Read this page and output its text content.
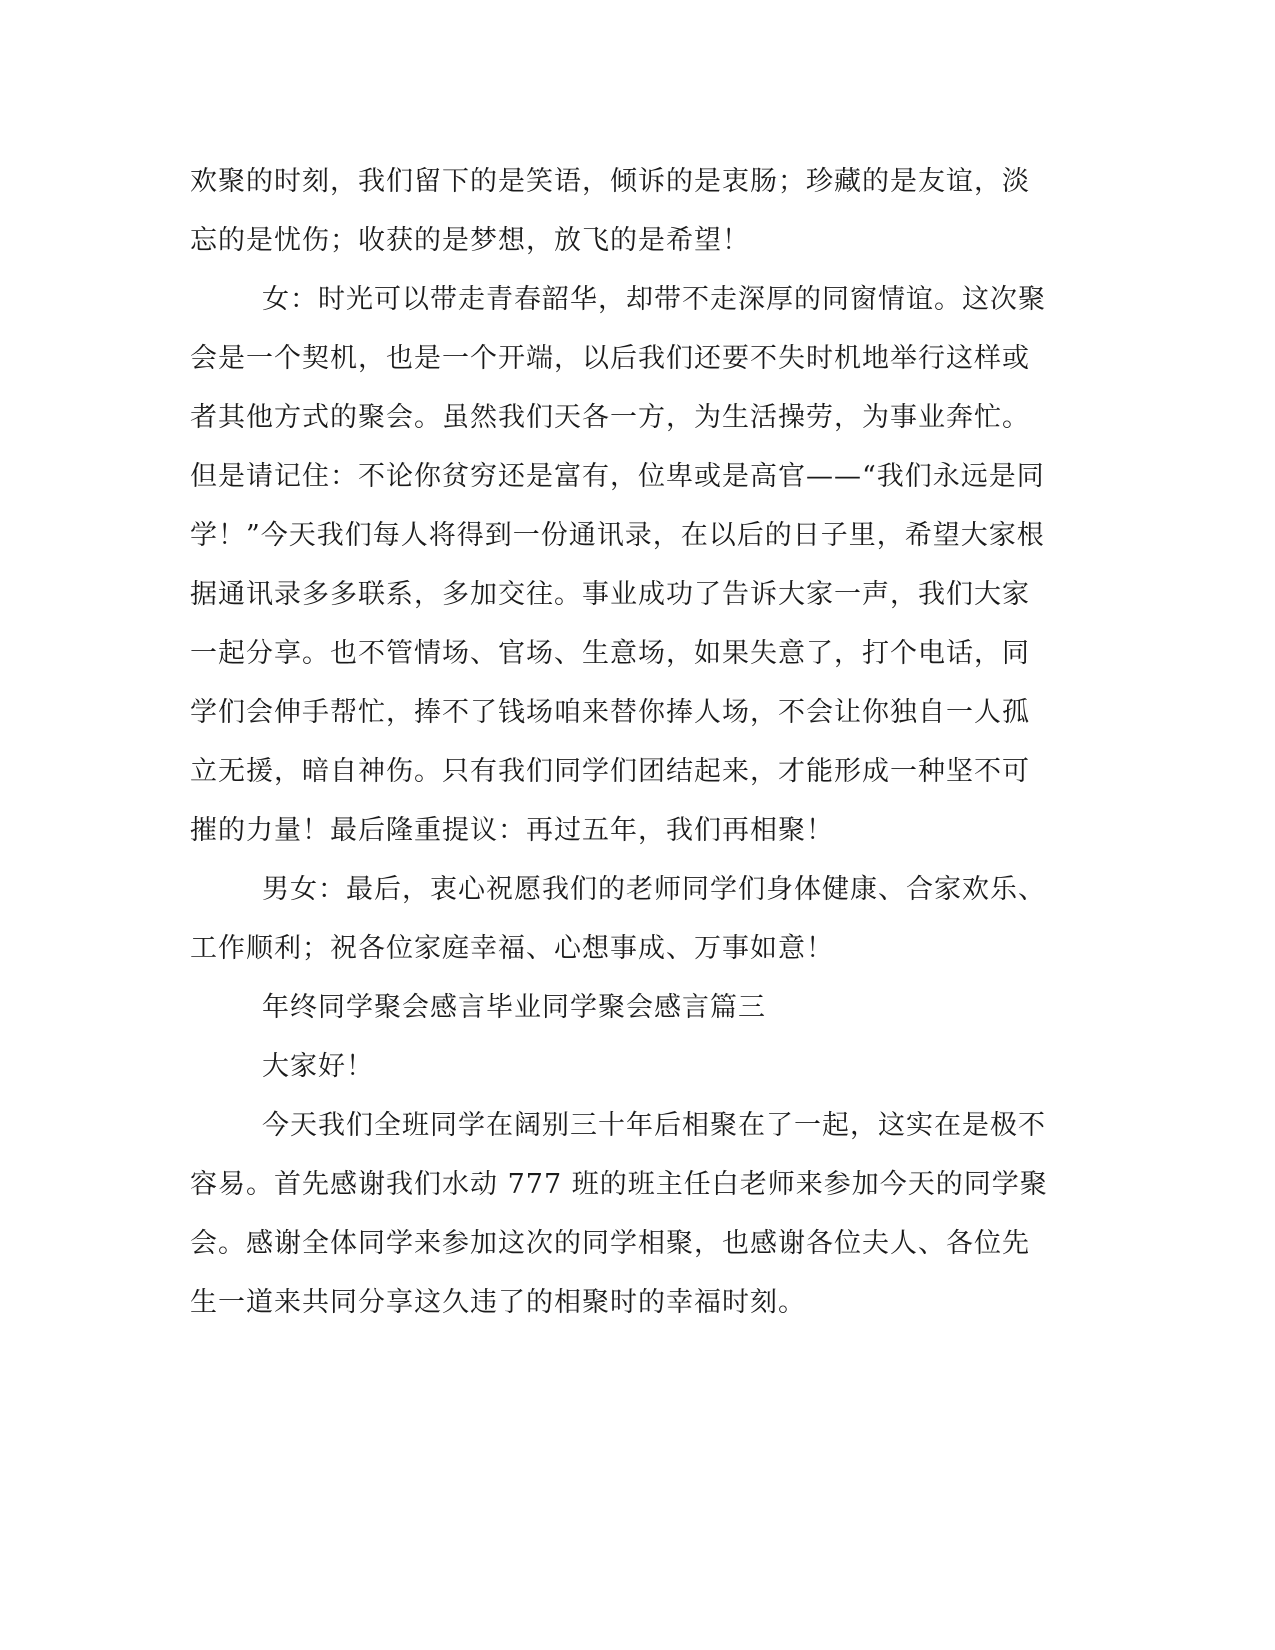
欢聚的时刻，我们留下的是笑语，倾诉的是衷肠；珍藏的是友谊，淡
忘的是忧伤；收获的是梦想，放飞的是希望！
女：时光可以带走青春韶华，却带不走深厚的同窗情谊。这次聚
会是一个契机，也是一个开端，以后我们还要不失时机地举行这样或
者其他方式的聚会。虽然我们天各一方，为生活操劳，为事业奔忙。
但是请记住：不论你贫穷还是富有，位卑或是高官——“我们永远是同
学！”今天我们每人将得到一份通讯录，在以后的日子里，希望大家根
据通讯录多多联系，多加交往。事业成功了告诉大家一声，我们大家
一起分享。也不管情场、官场、生意场，如果失意了，打个电话，同
学们会伸手帮忙，捧不了钱场咱来替你捧人场，不会让你独自一人孤
立无援，暗自神伤。只有我们同学们团结起来，才能形成一种坚不可
摧的力量！最后隆重提议：再过五年，我们再相聚！
男女：最后，衷心祝愿我们的老师同学们身体健康、合家欢乐、
工作顺利；祝各位家庭幸福、心想事成、万事如意！
年终同学聚会感言毕业同学聚会感言篇三
大家好！
今天我们全班同学在阔别三十年后相聚在了一起，这实在是极不
容易。首先感谢我们水动 777 班的班主任白老师来参加今天的同学聚
会。感谢全体同学来参加这次的同学相聚，也感谢各位夫人、各位先
生一道来共同分享这久违了的相聚时的幸福时刻。
